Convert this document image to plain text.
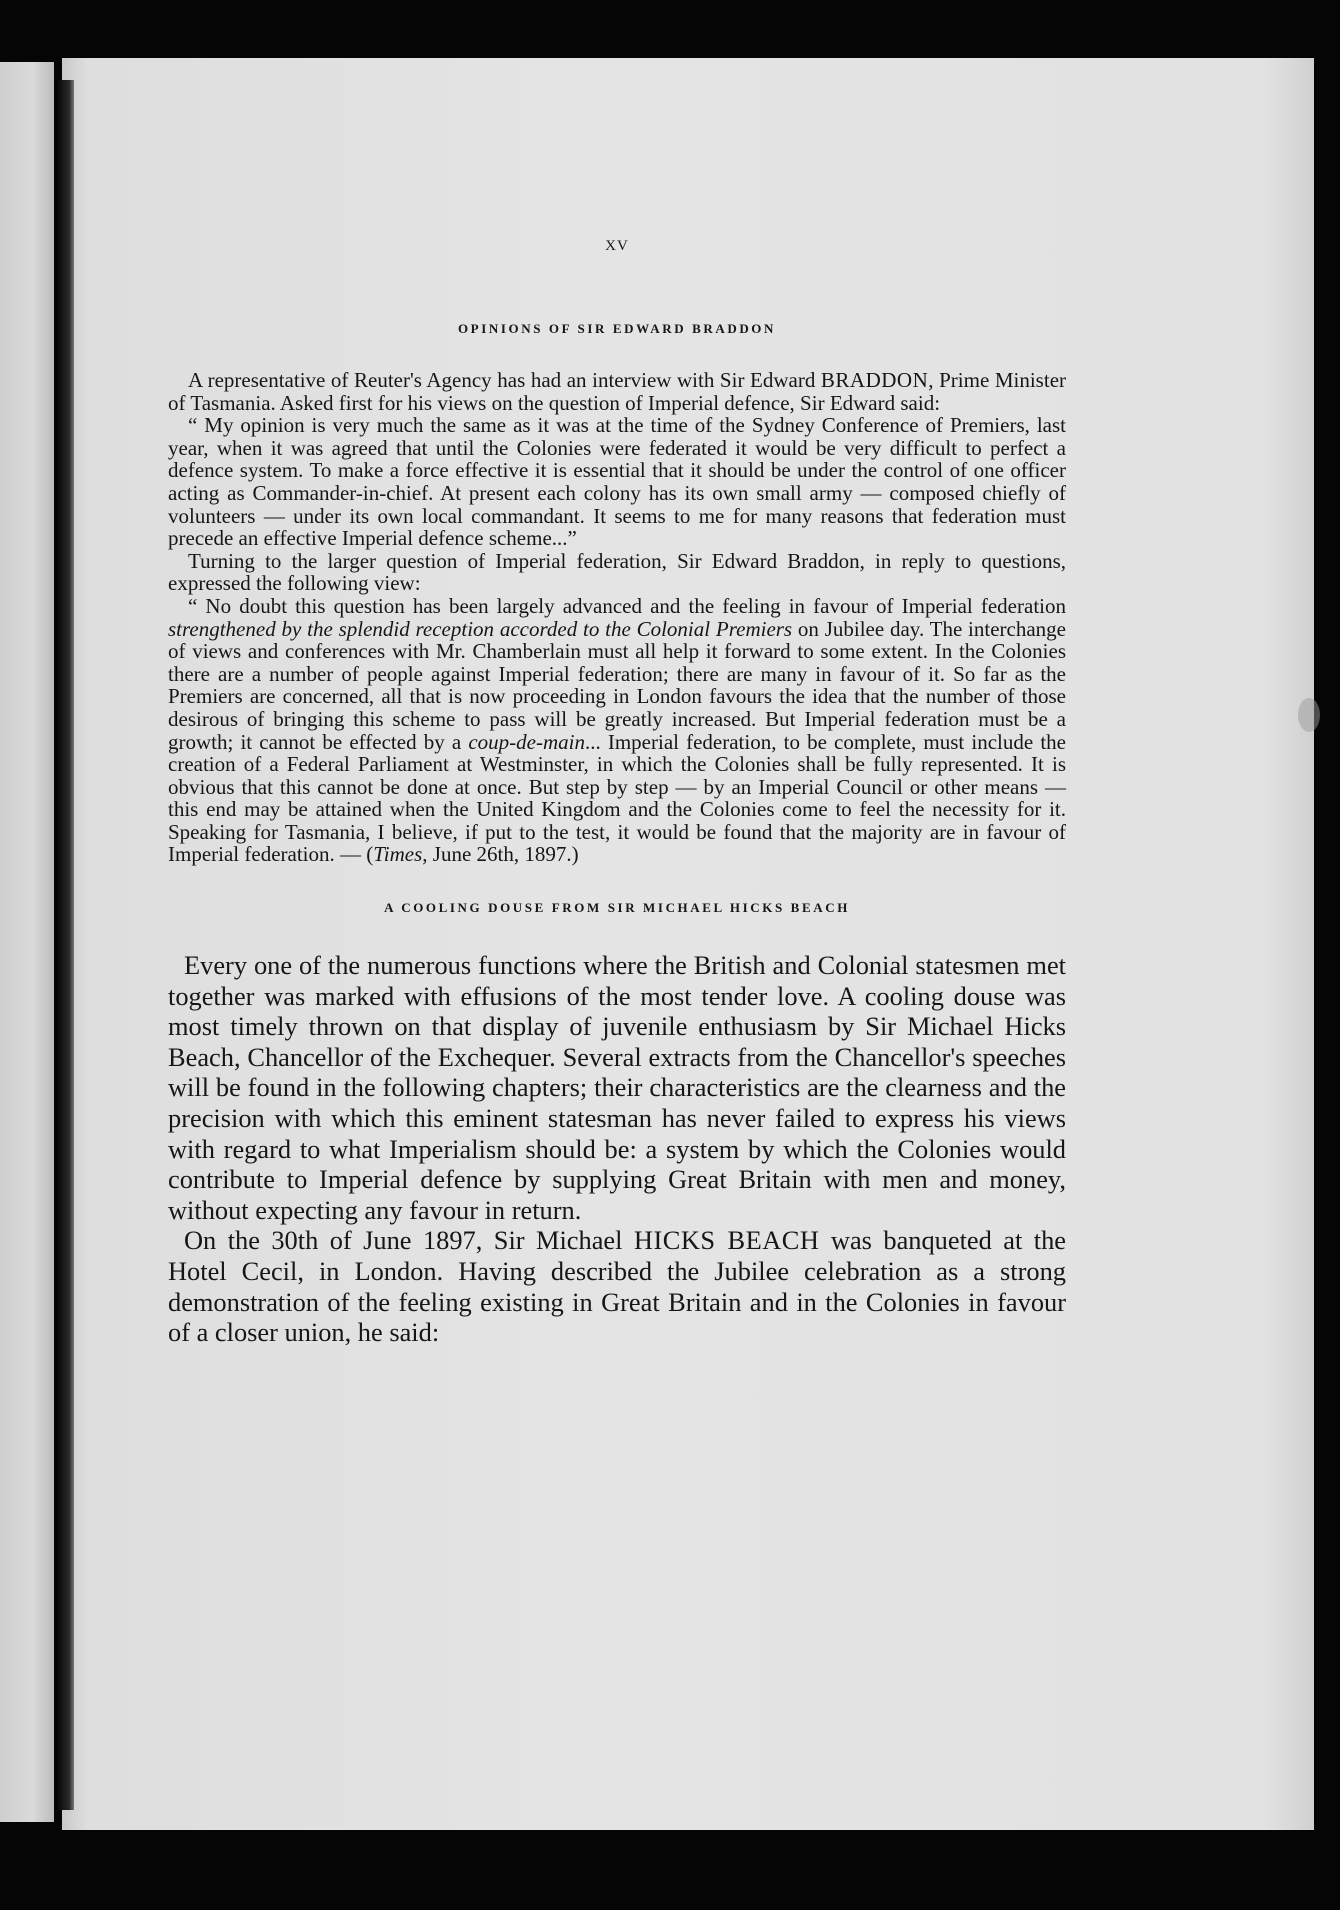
XV
OPINIONS OF SIR EDWARD BRADDON

A representative of Reuter's Agency has had an interview with Sir Edward BRADDON, Prime Minister of Tasmania. Asked first for his views on the question of Imperial defence, Sir Edward said:

“ My opinion is very much the same as it was at the time of the Sydney Conference of Premiers, last year, when it was agreed that until the Colonies were federated it would be very difficult to perfect a defence system. To make a force effective it is essential that it should be under the control of one officer acting as Commander-in-chief. At present each colony has its own small army — composed chiefly of volunteers — under its own local commandant. It seems to me for many reasons that federation must precede an effective Imperial defence scheme...”

Turning to the larger question of Imperial federation, Sir Edward Braddon, in reply to questions, expressed the following view:

“ No doubt this question has been largely advanced and the feeling in favour of Imperial federation strengthened by the splendid reception accorded to the Colonial Premiers on Jubilee day. The interchange of views and conferences with Mr. Chamberlain must all help it forward to some extent. In the Colonies there are a number of people against Imperial federation; there are many in favour of it. So far as the Premiers are concerned, all that is now proceeding in London favours the idea that the number of those desirous of bringing this scheme to pass will be greatly increased. But Imperial federation must be a growth; it cannot be effected by a coup-de-main... Imperial federation, to be complete, must include the creation of a Federal Parliament at Westminster, in which the Colonies shall be fully represented. It is obvious that this cannot be done at once. But step by step — by an Imperial Council or other means — this end may be attained when the United Kingdom and the Colonies come to feel the necessity for it. Speaking for Tasmania, I believe, if put to the test, it would be found that the majority are in favour of Imperial federation. — (Times, June 26th, 1897.)

A COOLING DOUSE FROM SIR MICHAEL HICKS BEACH

Every one of the numerous functions where the British and Colonial statesmen met together was marked with effusions of the most tender love. A cooling douse was most timely thrown on that display of juvenile enthusiasm by Sir Michael Hicks Beach, Chancellor of the Exchequer. Several extracts from the Chancellor's speeches will be found in the following chapters; their characteristics are the clearness and the precision with which this eminent statesman has never failed to express his views with regard to what Imperialism should be: a system by which the Colonies would contribute to Imperial defence by supplying Great Britain with men and money, without expecting any favour in return.

On the 30th of June 1897, Sir Michael HICKS BEACH was banqueted at the Hotel Cecil, in London. Having described the Jubilee celebration as a strong demonstration of the feeling existing in Great Britain and in the Colonies in favour of a closer union, he said:
